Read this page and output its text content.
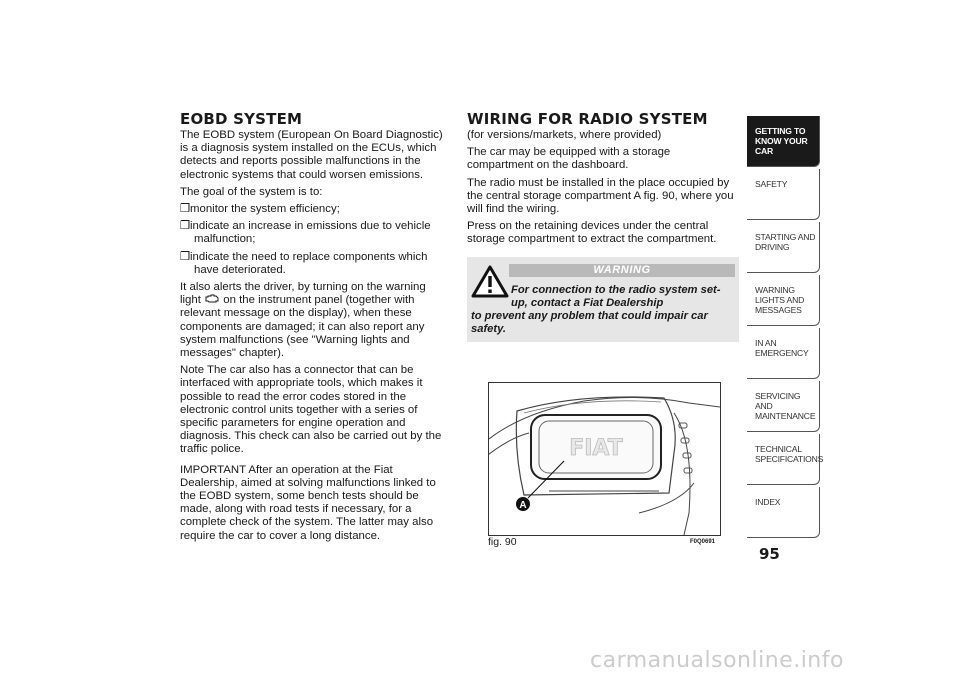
EOBD SYSTEM
The EOBD system (European On Board Diagnostic) is a diagnosis system installed on the ECUs, which detects and reports possible malfunctions in the electronic systems that could worsen emissions.
The goal of the system is to:
❒monitor the system efficiency;
❒indicate an increase in emissions due to vehicle malfunction;
❒indicate the need to replace components which have deteriorated.
It also alerts the driver, by turning on the warning light on the instrument panel (together with relevant message on the display), when these components are damaged; it can also report any system malfunctions (see "Warning lights and messages" chapter).
Note The car also has a connector that can be interfaced with appropriate tools, which makes it possible to read the error codes stored in the electronic control units together with a series of specific parameters for engine operation and diagnosis. This check can also be carried out by the traffic police.
IMPORTANT After an operation at the Fiat Dealership, aimed at solving malfunctions linked to the EOBD system, some bench tests should be made, along with road tests if necessary, for a complete check of the system. The latter may also require the car to cover a long distance.
WIRING FOR RADIO SYSTEM
(for versions/markets, where provided)
The car may be equipped with a storage compartment on the dashboard.
The radio must be installed in the place occupied by the central storage compartment A fig. 90, where you will find the wiring.
Press on the retaining devices under the central storage compartment to extract the compartment.
WARNING
For connection to the radio system set-up, contact a Fiat Dealership
to prevent any problem that could impair car safety.
FIAT
A
fig. 90	F0Q0691
GETTING TO KNOW YOUR CAR
SAFETY
STARTING AND DRIVING
WARNING LIGHTS AND MESSAGES
IN AN EMERGENCY
SERVICING AND MAINTENANCE
TECHNICAL SPECIFICATIONS
INDEX
95
carmanualsonline.info
